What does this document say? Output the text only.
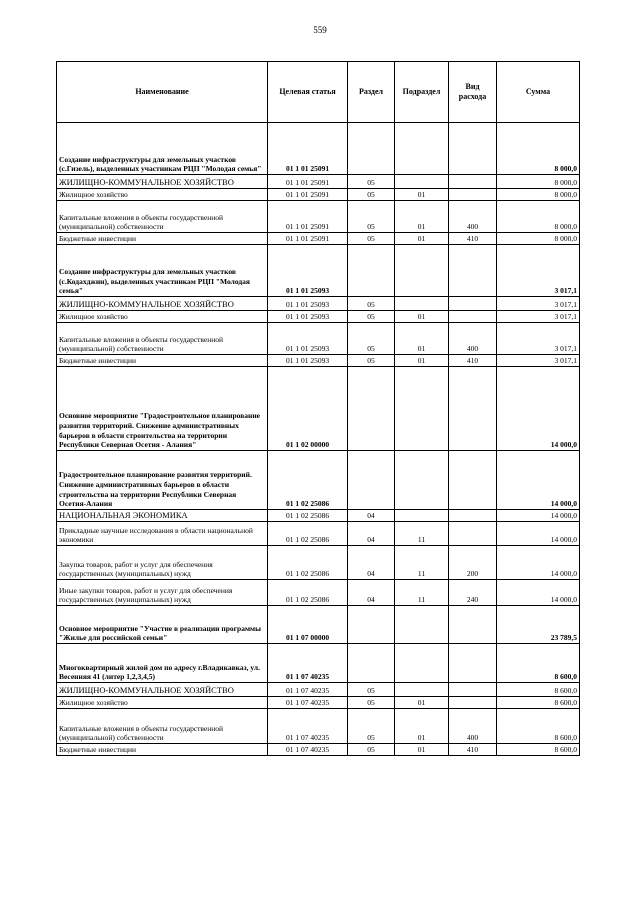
559
Наименование	Целевая статья	Раздел	Подраздел	Вид расхода	Сумма
Создание инфраструктуры для земельных участков (с.Гизель), выделенных участникам РЦП "Молодая семья"	01 1 01 25091				8 000,0
ЖИЛИЩНО-КОММУНАЛЬНОЕ ХОЗЯЙСТВО	01 1 01 25091	05			8 000,0
Жилищное хозяйство	01 1 01 25091	05	01		8 000,0
Капитальные вложения в объекты государственной (муниципальной) собственности	01 1 01 25091	05	01	400	8 000,0
Бюджетные инвестиции	01 1 01 25091	05	01	410	8 000,0
Создание инфраструктуры для земельных участков (с.Кодахджин), выделенных участникам РЦП "Молодая семья"	01 1 01 25093				3 017,1
ЖИЛИЩНО-КОММУНАЛЬНОЕ ХОЗЯЙСТВО	01 1 01 25093	05			3 017,1
Жилищное хозяйство	01 1 01 25093	05	01		3 017,1
Капитальные вложения в объекты государственной (муниципальной) собственности	01 1 01 25093	05	01	400	3 017,1
Бюджетные инвестиции	01 1 01 25093	05	01	410	3 017,1
Основное мероприятие "Градостроительное планирование развития территорий. Снижение административных барьеров в области строительства на территории Республики Северная Осетия - Алания"	01 1 02 00000				14 000,0
Градостроительное планирование развития территорий. Снижение административных барьеров в области строительства на территории Республики Северная Осетия-Алания	01 1 02 25086				14 000,0
НАЦИОНАЛЬНАЯ ЭКОНОМИКА	01 1 02 25086	04			14 000,0
Прикладные научные исследования в области национальной экономики	01 1 02 25086	04	11		14 000,0
Закупка товаров, работ и услуг для обеспечения государственных (муниципальных) нужд	01 1 02 25086	04	11	200	14 000,0
Иные закупки товаров, работ и услуг для обеспечения государственных (муниципальных) нужд	01 1 02 25086	04	11	240	14 000,0
Основное мероприятие "Участие в реализации программы "Жилье для российской семьи"	01 1 07 00000				23 789,5
Многоквартирный жилой дом по адресу г.Владикавказ, ул. Весенняя 41 (литер 1,2,3,4,5)	01 1 07 40235				8 600,0
ЖИЛИЩНО-КОММУНАЛЬНОЕ ХОЗЯЙСТВО	01 1 07 40235	05			8 600,0
Жилищное хозяйство	01 1 07 40235	05	01		8 600,0
Капитальные вложения в объекты государственной (муниципальной) собственности	01 1 07 40235	05	01	400	8 600,0
Бюджетные инвестиции	01 1 07 40235	05	01	410	8 600,0
